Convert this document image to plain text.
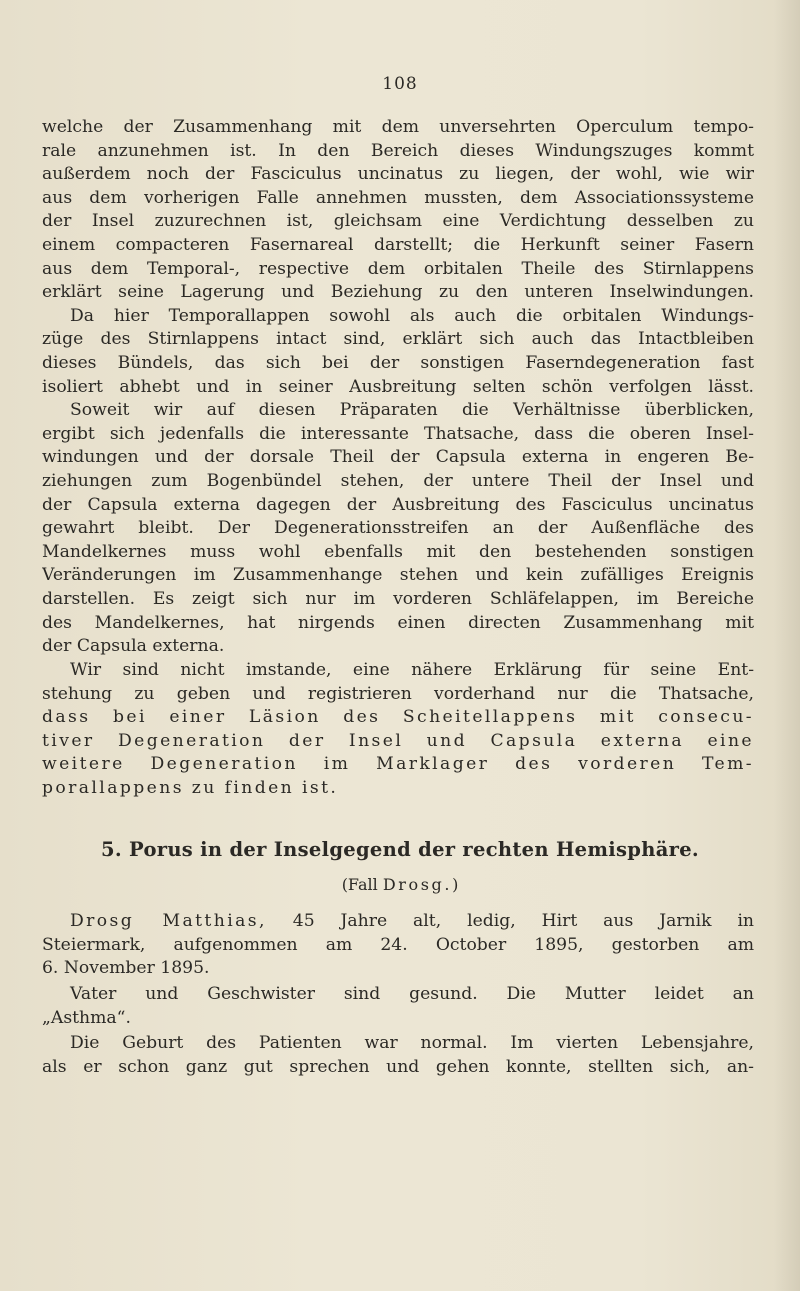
108

welche der Zusammenhang mit dem unversehrten Operculum tempo-
rale anzunehmen ist. In den Bereich dieses Windungszuges kommt
außerdem noch der Fasciculus uncinatus zu liegen, der wohl, wie wir
aus dem vorherigen Falle annehmen mussten, dem Associationssysteme
der Insel zuzurechnen ist, gleichsam eine Verdichtung desselben zu
einem compacteren Fasernareal darstellt; die Herkunft seiner Fasern
aus dem Temporal-, respective dem orbitalen Theile des Stirnlappens
erklärt seine Lagerung und Beziehung zu den unteren Inselwindungen.

Da hier Temporallappen sowohl als auch die orbitalen Windungs-
züge des Stirnlappens intact sind, erklärt sich auch das Intactbleiben
dieses Bündels, das sich bei der sonstigen Faserndegeneration fast
isoliert abhebt und in seiner Ausbreitung selten schön verfolgen lässt.

Soweit wir auf diesen Präparaten die Verhältnisse überblicken,
ergibt sich jedenfalls die interessante Thatsache, dass die oberen Insel-
windungen und der dorsale Theil der Capsula externa in engeren Be-
ziehungen zum Bogenbündel stehen, der untere Theil der Insel und
der Capsula externa dagegen der Ausbreitung des Fasciculus uncinatus
gewahrt bleibt. Der Degenerationsstreifen an der Außenfläche des
Mandelkernes muss wohl ebenfalls mit den bestehenden sonstigen
Veränderungen im Zusammenhange stehen und kein zufälliges Ereignis
darstellen. Es zeigt sich nur im vorderen Schläfelappen, im Bereiche
des Mandelkernes, hat nirgends einen directen Zusammenhang mit
der Capsula externa.

Wir sind nicht imstande, eine nähere Erklärung für seine Ent-
stehung zu geben und registrieren vorderhand nur die Thatsache,
dass bei einer Läsion des Scheitellappens mit consecu-
tiver Degeneration der Insel und Capsula externa eine
weitere Degeneration im Marklager des vorderen Tem-
porallappens zu finden ist.

5. Porus in der Inselgegend der rechten Hemisphäre.
(Fall Drosg.)

Drosg Matthias, 45 Jahre alt, ledig, Hirt aus Jarnik in
Steiermark, aufgenommen am 24. October 1895, gestorben am
6. November 1895.

Vater und Geschwister sind gesund. Die Mutter leidet an
„Asthma“.

Die Geburt des Patienten war normal. Im vierten Lebensjahre,
als er schon ganz gut sprechen und gehen konnte, stellten sich, an-
